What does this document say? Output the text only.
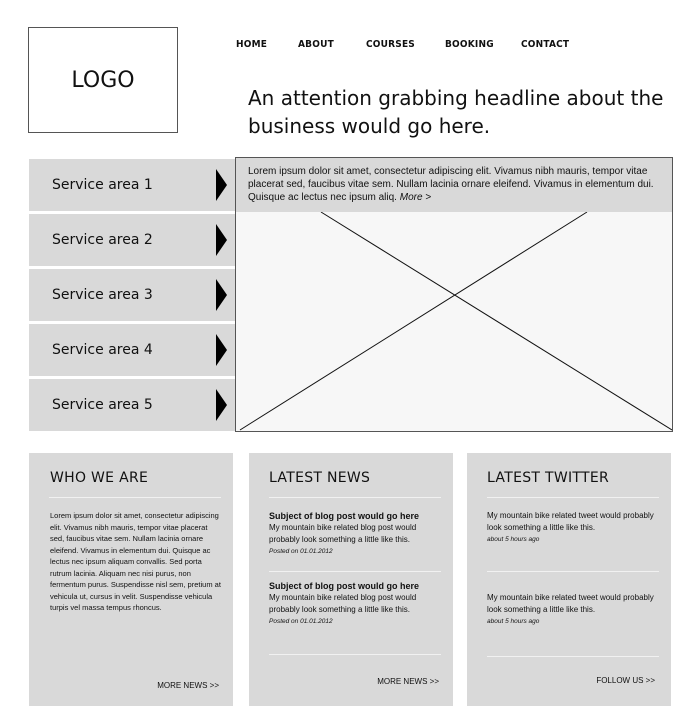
LOGO
HOME	ABOUT	COURSES	BOOKING	CONTACT
An attention grabbing headline about the business would go here.
Service area 1
Service area 2
Service area 3
Service area 4
Service area 5
Lorem ipsum dolor sit amet, consectetur adipiscing elit. Vivamus nibh mauris, tempor vitae placerat sed, faucibus vitae sem. Nullam lacinia ornare eleifend. Vivamus in elementum dui. Quisque ac lectus nec ipsum aliq. More >
WHO WE ARE
Lorem ipsum dolor sit amet, consectetur adipiscing elit. Vivamus nibh mauris, tempor vitae placerat sed, faucibus vitae sem. Nullam lacinia ornare eleifend. Vivamus in elementum dui. Quisque ac lectus nec ipsum aliquam convallis. Sed porta rutrum lacinia. Aliquam nec nisi purus, non fermentum purus. Suspendisse nisl sem, pretium at vehicula ut, cursus in velit. Suspendisse vehicula turpis vel massa tempus rhoncus.
MORE NEWS >>
LATEST NEWS
Subject of blog post would go here
My mountain bike related blog post would probably look something a little like this.
Posted on 01.01.2012
Subject of blog post would go here
My mountain bike related blog post would probably look something a little like this.
Posted on 01.01.2012
MORE NEWS >>
LATEST TWITTER
My mountain bike related tweet would probably look something a little like this.
about 5 hours ago
My mountain bike related tweet would probably look something a little like this.
about 5 hours ago
FOLLOW US >>
